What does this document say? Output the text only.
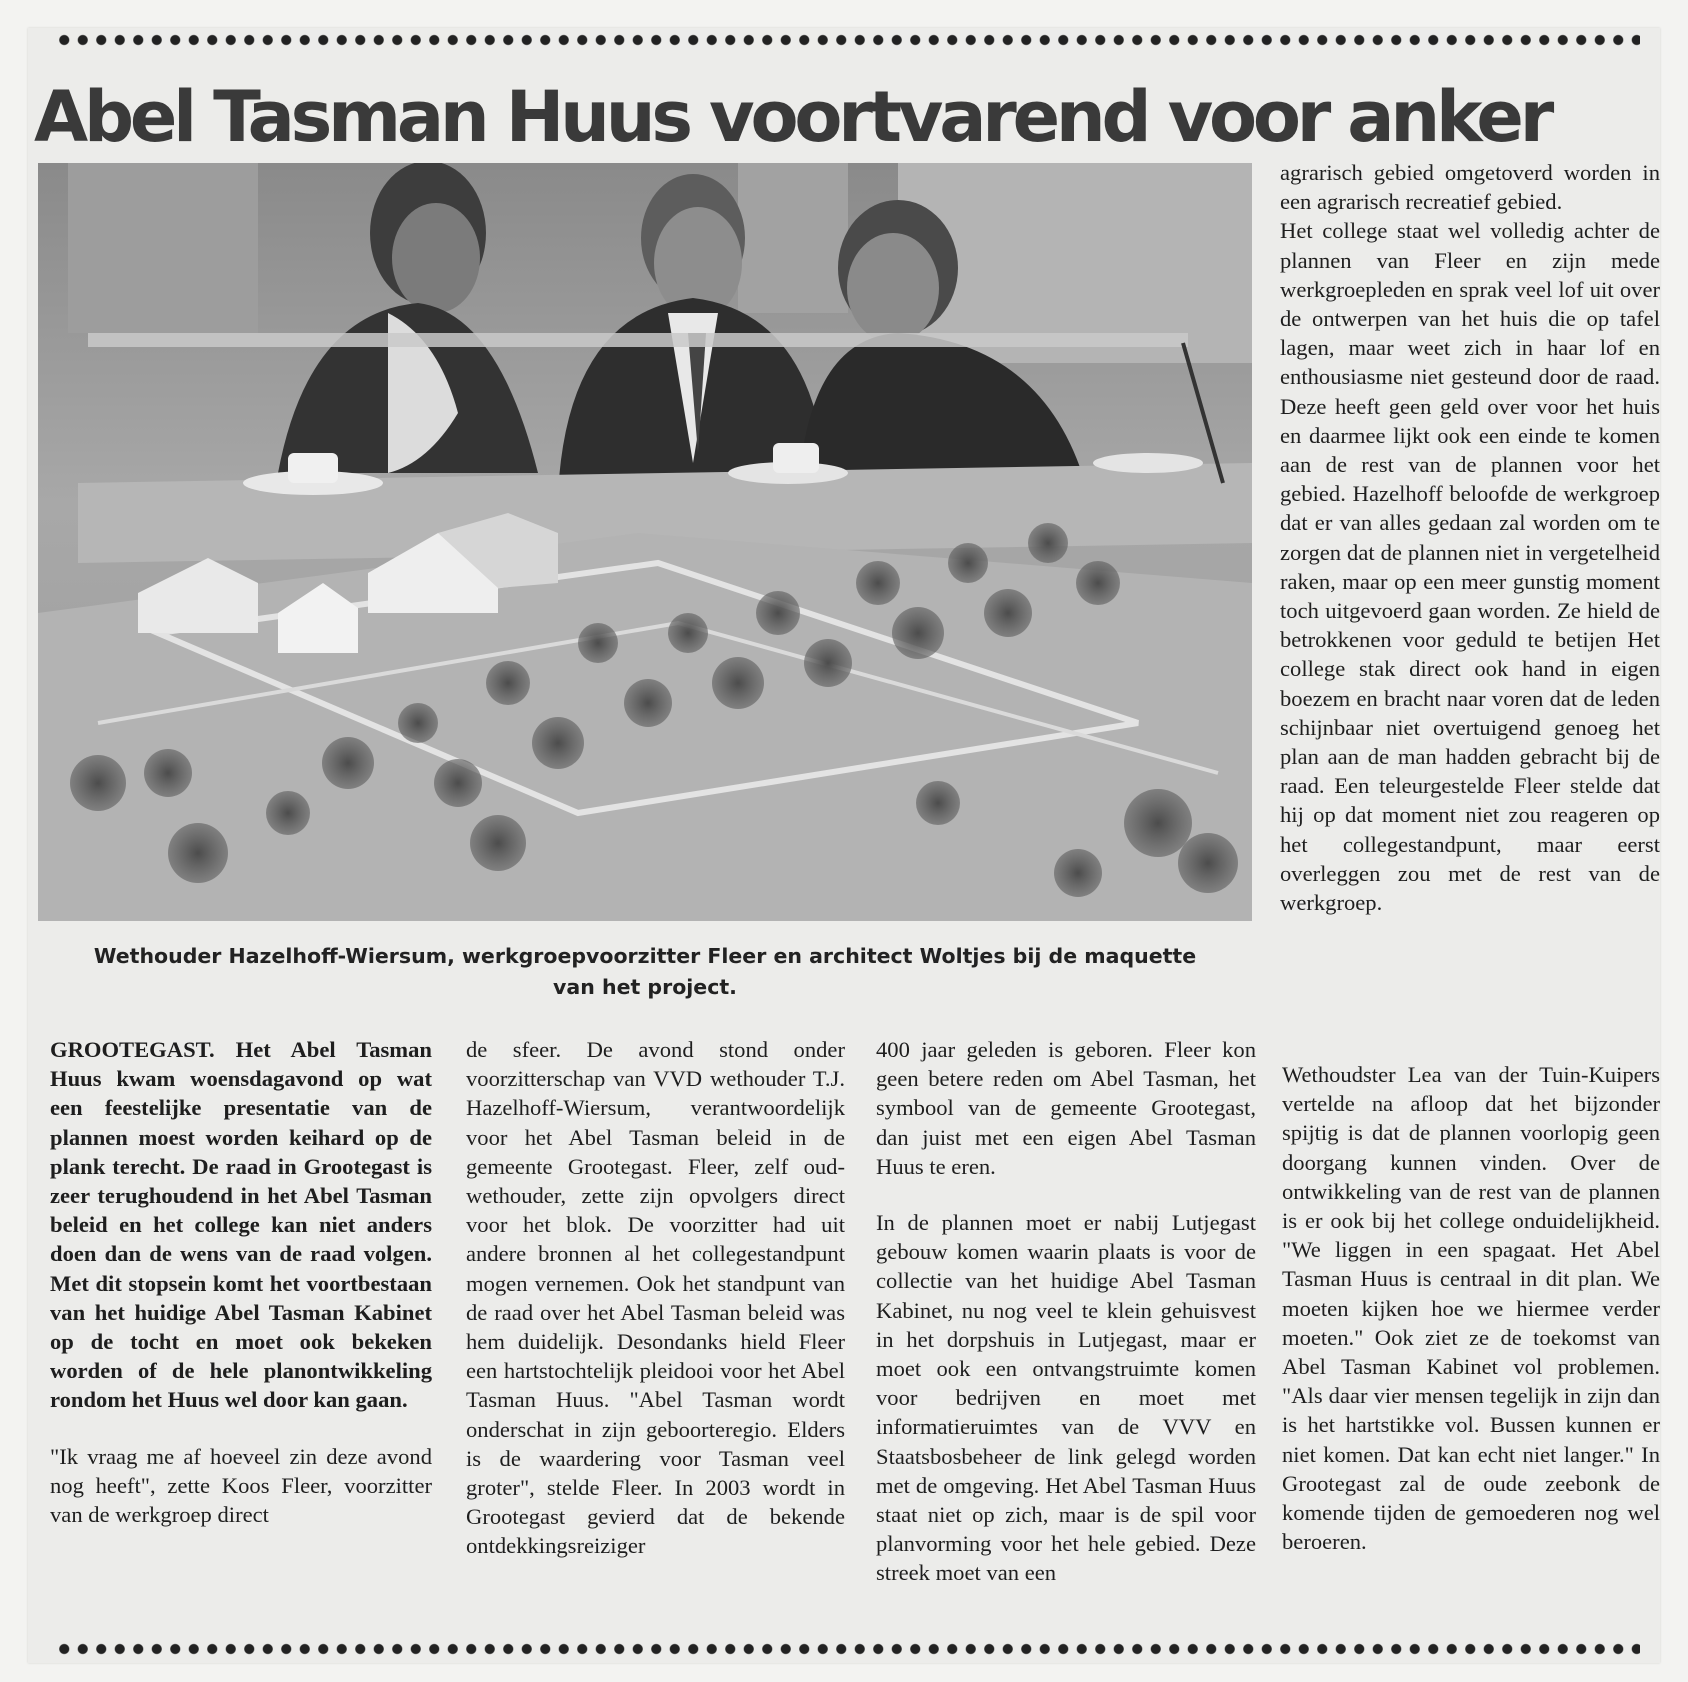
Abel Tasman Huus voortvarend voor anker

Wethouder Hazelhoff-Wiersum, werkgroepvoorzitter Fleer en architect Woltjes bij de maquette
van het project.

GROOTEGAST. Het Abel Tasman Huus kwam woensdagavond op wat een feestelijke presentatie van de plannen moest worden keihard op de plank terecht. De raad in Grootegast is zeer terughoudend in het Abel Tasman beleid en het college kan niet anders doen dan de wens van de raad volgen. Met dit stopsein komt het voortbestaan van het huidige Abel Tasman Kabinet op de tocht en moet ook bekeken worden of de hele planontwikkeling rondom het Huus wel door kan gaan.

"Ik vraag me af hoeveel zin deze avond nog heeft", zette Koos Fleer, voorzitter van de werkgroep direct

de sfeer. De avond stond onder voorzitterschap van VVD wethouder T.J. Hazelhoff-Wiersum, verantwoordelijk voor het Abel Tasman beleid in de gemeente Grootegast. Fleer, zelf oud-wethouder, zette zijn opvolgers direct voor het blok. De voorzitter had uit andere bronnen al het collegestandpunt mogen vernemen. Ook het standpunt van de raad over het Abel Tasman beleid was hem duidelijk. Desondanks hield Fleer een hartstochtelijk pleidooi voor het Abel Tasman Huus. "Abel Tasman wordt onderschat in zijn geboorteregio. Elders is de waardering voor Tasman veel groter", stelde Fleer. In 2003 wordt in Grootegast gevierd dat de bekende ontdekkingsreiziger

400 jaar geleden is geboren. Fleer kon geen betere reden om Abel Tasman, het symbool van de gemeente Grootegast, dan juist met een eigen Abel Tasman Huus te eren.

In de plannen moet er nabij Lutjegast gebouw komen waarin plaats is voor de collectie van het huidige Abel Tasman Kabinet, nu nog veel te klein gehuisvest in het dorpshuis in Lutjegast, maar er moet ook een ontvangstruimte komen voor bedrijven en moet met informatieruimtes van de VVV en Staatsbosbeheer de link gelegd worden met de omgeving. Het Abel Tasman Huus staat niet op zich, maar is de spil voor planvorming voor het hele gebied. Deze streek moet van een

agrarisch gebied omgetoverd worden in een agrarisch recreatief gebied.

Het college staat wel volledig achter de plannen van Fleer en zijn mede werkgroepleden en sprak veel lof uit over de ontwerpen van het huis die op tafel lagen, maar weet zich in haar lof en enthousiasme niet gesteund door de raad. Deze heeft geen geld over voor het huis en daarmee lijkt ook een einde te komen aan de rest van de plannen voor het gebied. Hazelhoff beloofde de werkgroep dat er van alles gedaan zal worden om te zorgen dat de plannen niet in vergetelheid raken, maar op een meer gunstig moment toch uitgevoerd gaan worden. Ze hield de betrokkenen voor geduld te betijen Het college stak direct ook hand in eigen boezem en bracht naar voren dat de leden schijnbaar niet overtuigend genoeg het plan aan de man hadden gebracht bij de raad. Een teleurgestelde Fleer stelde dat hij op dat moment niet zou reageren op het collegestandpunt, maar eerst overleggen zou met de rest van de werkgroep.

Wethoudster Lea van der Tuin-Kuipers vertelde na afloop dat het bijzonder spijtig is dat de plannen voorlopig geen doorgang kunnen vinden. Over de ontwikkeling van de rest van de plannen is er ook bij het college onduidelijkheid. "We liggen in een spagaat. Het Abel Tasman Huus is centraal in dit plan. We moeten kijken hoe we hiermee verder moeten." Ook ziet ze de toekomst van Abel Tasman Kabinet vol problemen. "Als daar vier mensen tegelijk in zijn dan is het hartstikke vol. Bussen kunnen er niet komen. Dat kan echt niet langer." In Grootegast zal de oude zeebonk de komende tijden de gemoederen nog wel beroeren.
